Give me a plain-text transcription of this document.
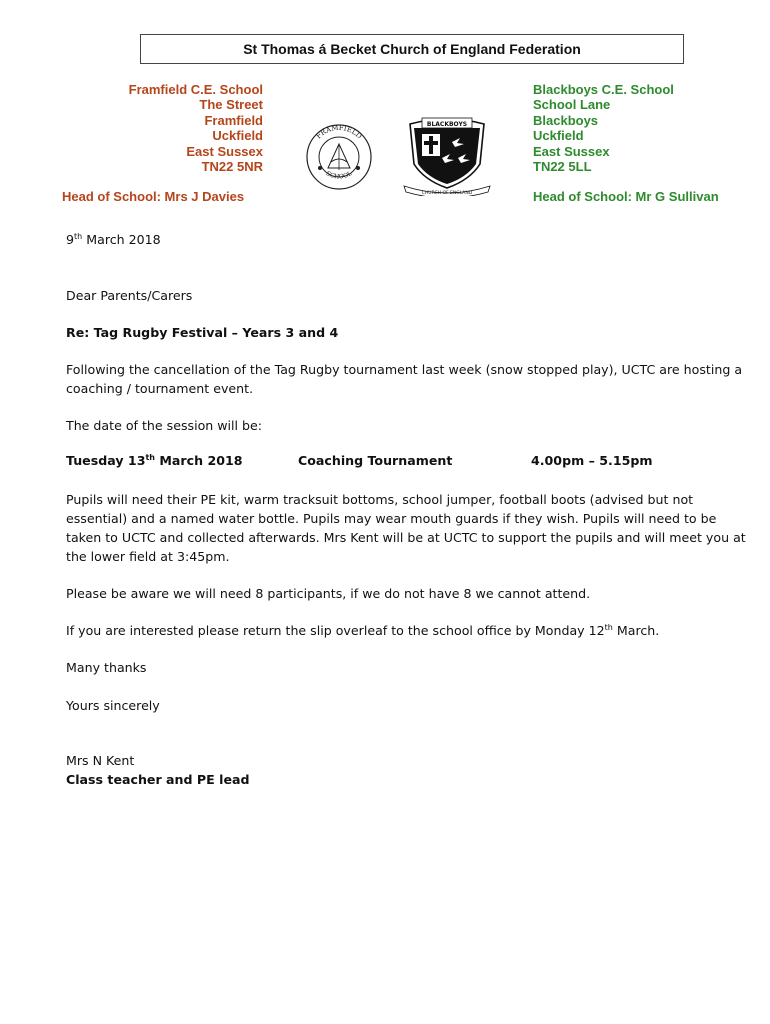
St Thomas á Becket Church of England Federation
Framfield C.E. School
The Street
Framfield
Uckfield
East Sussex
TN22 5NR
Blackboys C.E. School
School Lane
Blackboys
Uckfield
East Sussex
TN22 5LL
Head of School: Mrs J Davies	Head of School: Mr G Sullivan
FRAMFIELD
SCHOOL
BLACKBOYS
CHURCH OF ENGLAND
9th March 2018
Dear Parents/Carers
Re: Tag Rugby Festival – Years 3 and 4
Following the cancellation of the Tag Rugby tournament last week (snow stopped play), UCTC are hosting a coaching / tournament event.
The date of the session will be:
Tuesday 13th March 2018	Coaching Tournament	4.00pm – 5.15pm
Pupils will need their PE kit, warm tracksuit bottoms, school jumper, football boots (advised but not essential) and a named water bottle. Pupils may wear mouth guards if they wish. Pupils will need to be taken to UCTC and collected afterwards. Mrs Kent will be at UCTC to support the pupils and will meet you at the lower field at 3:45pm.
Please be aware we will need 8 participants, if we do not have 8 we cannot attend.
If you are interested please return the slip overleaf to the school office by Monday 12th March.
Many thanks
Yours sincerely
Mrs N Kent
Class teacher and PE lead
